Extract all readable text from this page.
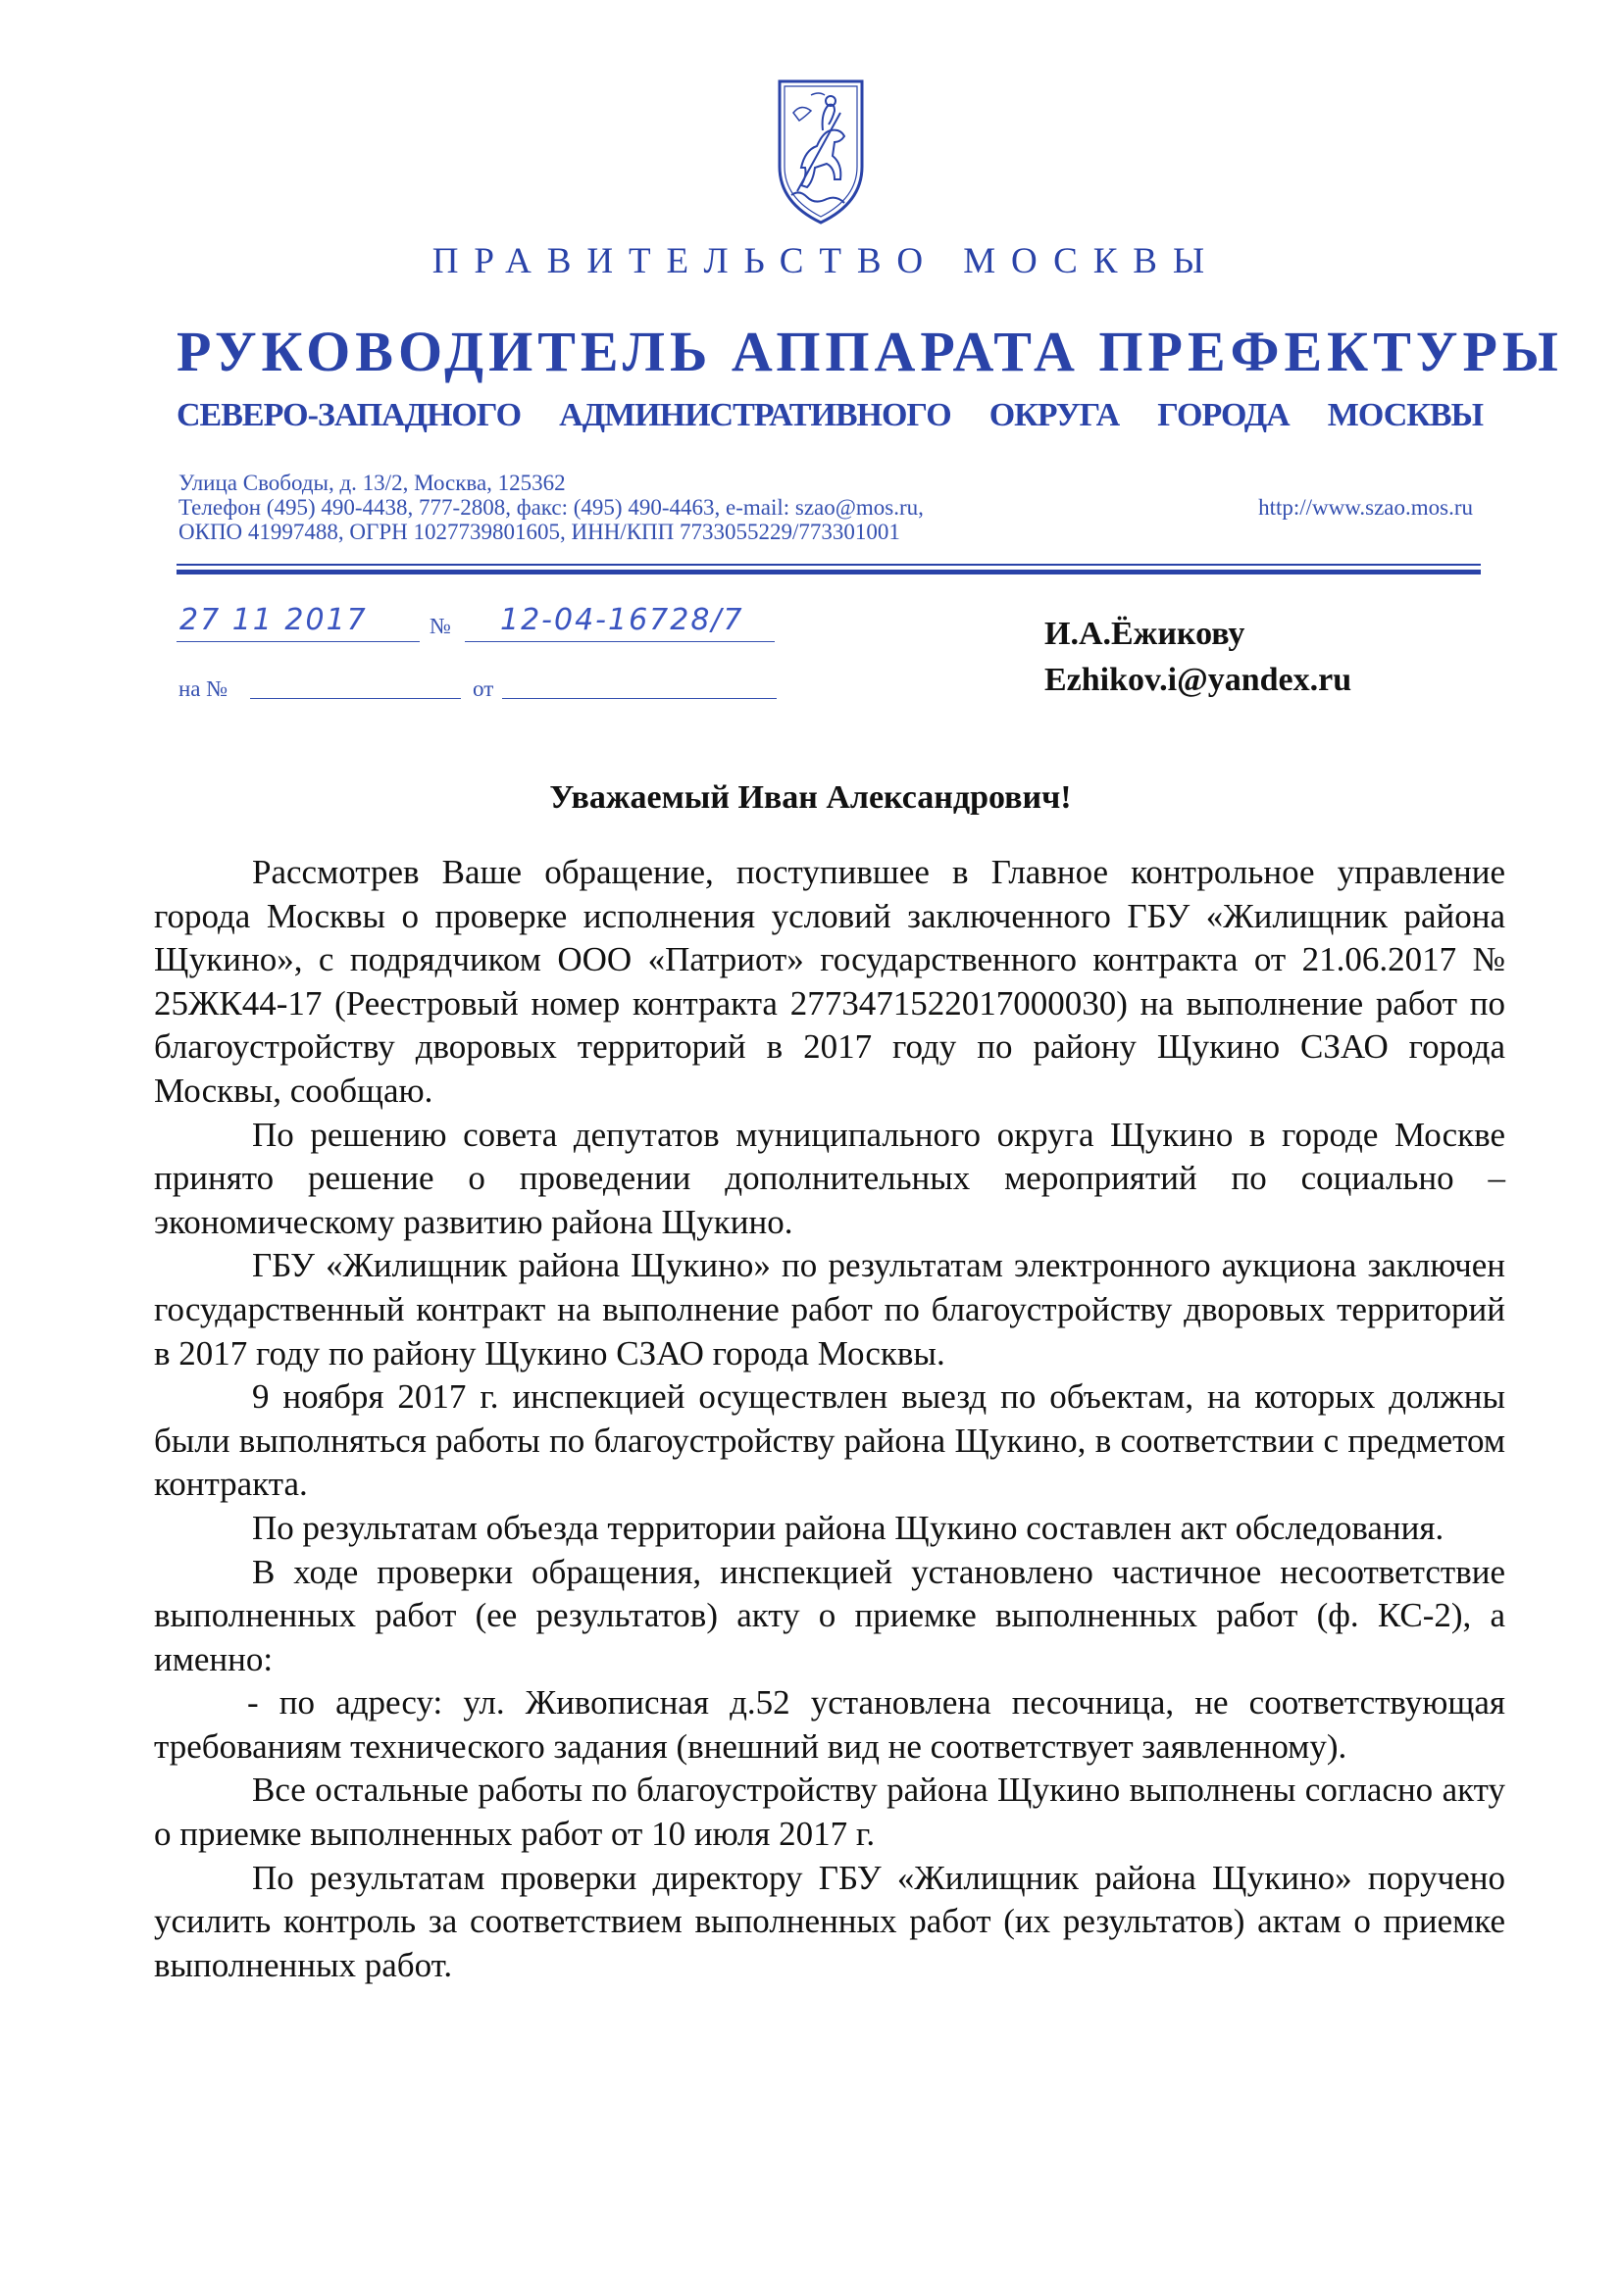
ПРАВИТЕЛЬСТВО МОСКВЫ
РУКОВОДИТЕЛЬ АППАРАТА ПРЕФЕКТУРЫ
СЕВЕРО-ЗАПАДНОГО АДМИНИСТРАТИВНОГО ОКРУГА ГОРОДА МОСКВЫ
Улица Свободы, д. 13/2, Москва, 125362
Телефон (495) 490-4438, 777-2808, факс: (495) 490-4463, e-mail: szao@mos.ru,	http://www.szao.mos.ru
ОКПО 41997488, ОГРН 1027739801605, ИНН/КПП 7733055229/773301001
27 11 2017	№ 12-04-16728/7
на №	от
И.А.Ёжикову
Ezhikov.i@yandex.ru
Уважаемый Иван Александрович!

Рассмотрев Ваше обращение, поступившее в Главное контрольное управление города Москвы о проверке исполнения условий заключенного ГБУ «Жилищник района Щукино», с подрядчиком ООО «Патриот» государственного контракта от 21.06.2017 № 25ЖК44-17 (Реестровый номер контракта 2773471522017000030) на выполнение работ по благоустройству дворовых территорий в 2017 году по району Щукино СЗАО города Москвы, сообщаю.

По решению совета депутатов муниципального округа Щукино в городе Москве принято решение о проведении дополнительных мероприятий по социально – экономическому развитию района Щукино.

ГБУ «Жилищник района Щукино» по результатам электронного аукциона заключен государственный контракт на выполнение работ по благоустройству дворовых территорий в 2017 году по району Щукино СЗАО города Москвы.

9 ноября 2017 г. инспекцией осуществлен выезд по объектам, на которых должны были выполняться работы по благоустройству района Щукино, в соответствии с предметом контракта.

По результатам объезда территории района Щукино составлен акт обследования.

В ходе проверки обращения, инспекцией установлено частичное несоответствие выполненных работ (ее результатов) акту о приемке выполненных работ (ф. КС-2), а именно:

- по адресу: ул. Живописная д.52 установлена песочница, не соответствующая требованиям технического задания (внешний вид не соответствует заявленному).

Все остальные работы по благоустройству района Щукино выполнены согласно акту о приемке выполненных работ от 10 июля 2017 г.

По результатам проверки директору ГБУ «Жилищник района Щукино» поручено усилить контроль за соответствием выполненных работ (их результатов) актам о приемке выполненных работ.
